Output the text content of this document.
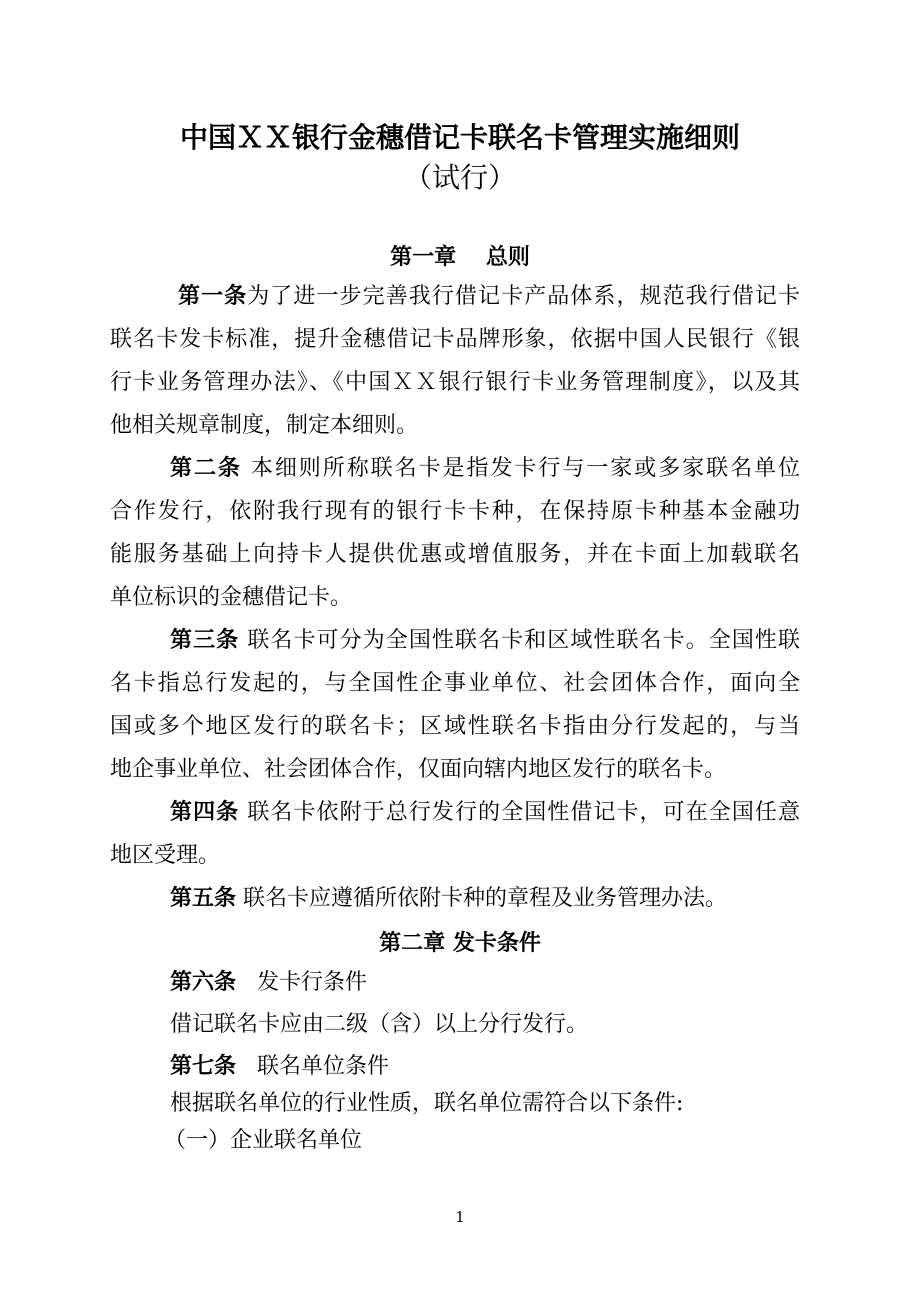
中国ＸＸ银行金穗借记卡联名卡管理实施细则
（试行）
第一章　 总则
第一条为了进一步完善我行借记卡产品体系，规范我行借记卡
联名卡发卡标准，提升金穗借记卡品牌形象，依据中国人民银行《银
行卡业务管理办法》、《中国ＸＸ银行银行卡业务管理制度》，以及其
他相关规章制度，制定本细则。
第二条 本细则所称联名卡是指发卡行与一家或多家联名单位
合作发行，依附我行现有的银行卡卡种，在保持原卡种基本金融功
能服务基础上向持卡人提供优惠或增值服务，并在卡面上加载联名
单位标识的金穗借记卡。
第三条 联名卡可分为全国性联名卡和区域性联名卡。全国性联
名卡指总行发起的，与全国性企事业单位、社会团体合作，面向全
国或多个地区发行的联名卡；区域性联名卡指由分行发起的，与当
地企事业单位、社会团体合作，仅面向辖内地区发行的联名卡。
第四条 联名卡依附于总行发行的全国性借记卡，可在全国任意
地区受理。
第五条 联名卡应遵循所依附卡种的章程及业务管理办法。
第二章 发卡条件
第六条 发卡行条件
借记联名卡应由二级（含）以上分行发行。
第七条 联名单位条件
根据联名单位的行业性质，联名单位需符合以下条件:
（一）企业联名单位
1
